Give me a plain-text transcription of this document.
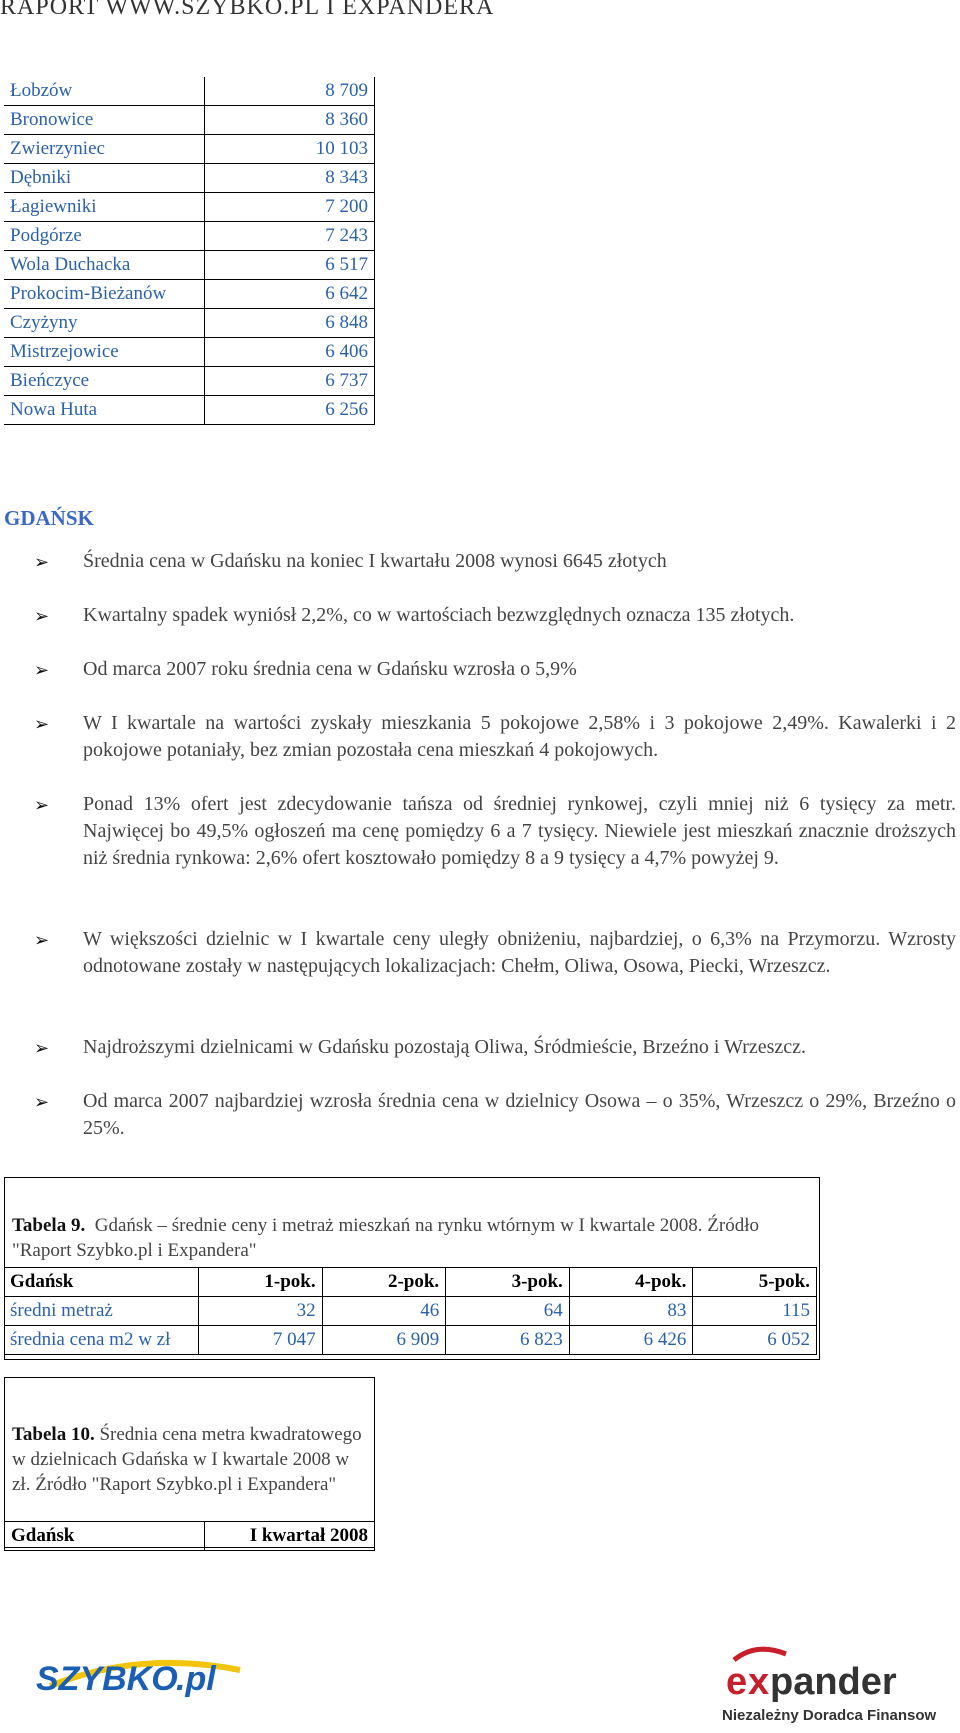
RAPORT WWW.SZYBKO.PL I EXPANDERA
Łobzów	8 709
Bronowice	8 360
Zwierzyniec	10 103
Dębniki	8 343
Łagiewniki	7 200
Podgórze	7 243
Wola Duchacka	6 517
Prokocim-Bieżanów	6 642
Czyżyny	6 848
Mistrzejowice	6 406
Bieńczyce	6 737
Nowa Huta	6 256
GDAŃSK
➢ Średnia cena w Gdańsku na koniec I kwartału 2008 wynosi 6645 złotych
➢ Kwartalny spadek wyniósł 2,2%, co w wartościach bezwzględnych oznacza 135 złotych.
➢ Od marca 2007 roku średnia cena w Gdańsku wzrosła o 5,9%
➢ W I kwartale na wartości zyskały mieszkania 5 pokojowe 2,58% i 3 pokojowe 2,49%. Kawalerki i 2 pokojowe potaniały, bez zmian pozostała cena mieszkań 4 pokojowych.
➢ Ponad 13% ofert jest zdecydowanie tańsza od średniej rynkowej, czyli mniej niż 6 tysięcy za metr. Najwięcej bo 49,5% ogłoszeń ma cenę pomiędzy 6 a 7 tysięcy. Niewiele jest mieszkań znacznie droższych niż średnia rynkowa: 2,6% ofert kosztowało pomiędzy 8 a 9 tysięcy a 4,7% powyżej 9.
➢ W większości dzielnic w I kwartale ceny uległy obniżeniu, najbardziej, o 6,3% na Przymorzu. Wzrosty odnotowane zostały w następujących lokalizacjach: Chełm, Oliwa, Osowa, Piecki, Wrzeszcz.
➢ Najdroższymi dzielnicami w Gdańsku pozostają Oliwa, Śródmieście, Brzeźno i Wrzeszcz.
➢ Od marca 2007 najbardziej wzrosła średnia cena w dzielnicy Osowa – o 35%, Wrzeszcz o 29%, Brzeźno o 25%.
Tabela 9. Gdańsk – średnie ceny i metraż mieszkań na rynku wtórnym w I kwartale 2008. Źródło "Raport Szybko.pl i Expandera"
Gdańsk	1-pok.	2-pok.	3-pok.	4-pok.	5-pok.
średni metraż	32	46	64	83	115
średnia cena m2 w zł	7 047	6 909	6 823	6 426	6 052
Tabela 10. Średnia cena metra kwadratowego w dzielnicach Gdańska w I kwartale 2008 w zł. Źródło "Raport Szybko.pl i Expandera"
Gdańsk	I kwartał 2008
SZYBKO
.pl	e x pander
Niezależny Doradca Finansowy
